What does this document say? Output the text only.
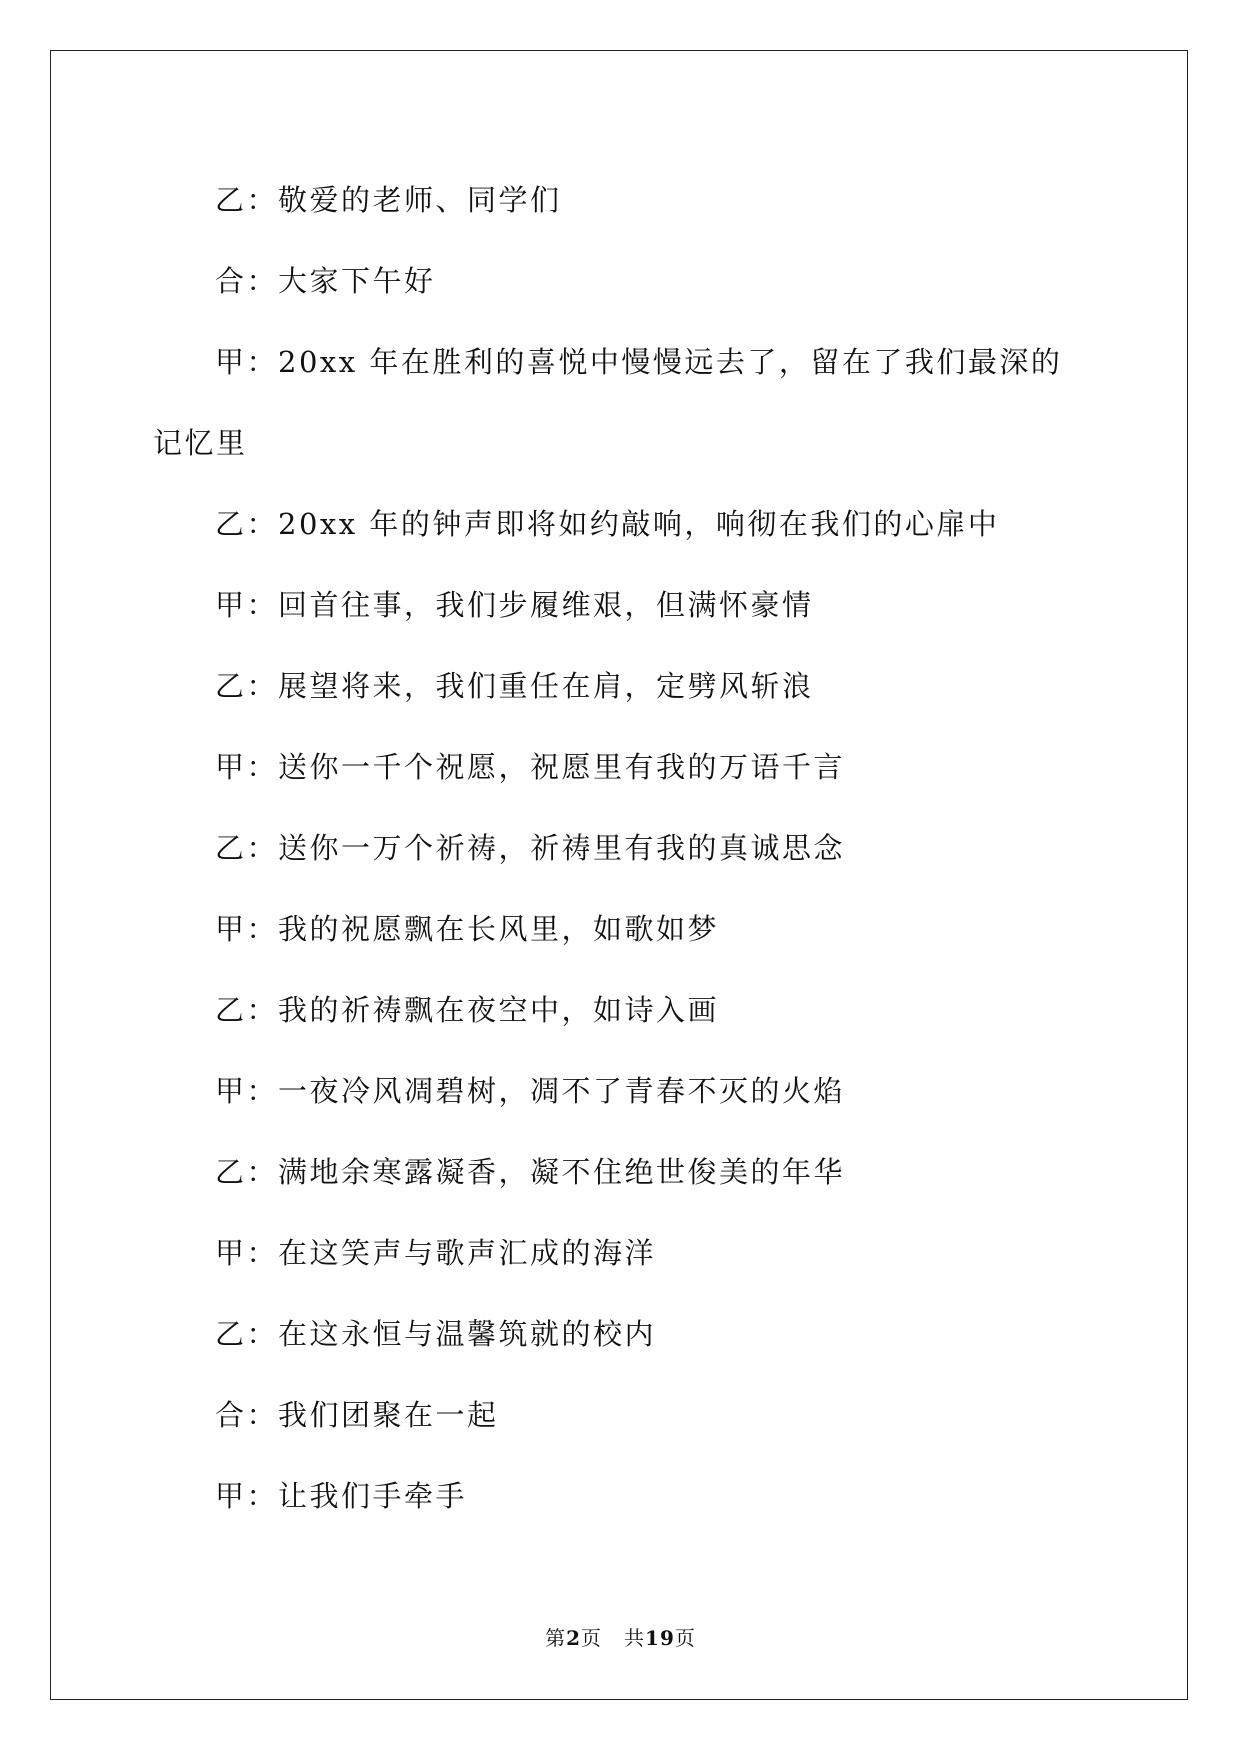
乙：敬爱的老师、同学们

合：大家下午好

甲：20xx 年在胜利的喜悦中慢慢远去了，留在了我们最深的记忆里

乙：20xx 年的钟声即将如约敲响，响彻在我们的心扉中

甲：回首往事，我们步履维艰，但满怀豪情

乙：展望将来，我们重任在肩，定劈风斩浪

甲：送你一千个祝愿，祝愿里有我的万语千言

乙：送你一万个祈祷，祈祷里有我的真诚思念

甲：我的祝愿飘在长风里，如歌如梦

乙：我的祈祷飘在夜空中，如诗入画

甲：一夜冷风凋碧树，凋不了青春不灭的火焰

乙：满地余寒露凝香，凝不住绝世俊美的年华

甲：在这笑声与歌声汇成的海洋

乙：在这永恒与温馨筑就的校内

合：我们团聚在一起

甲：让我们手牵手

第2页 共19页
